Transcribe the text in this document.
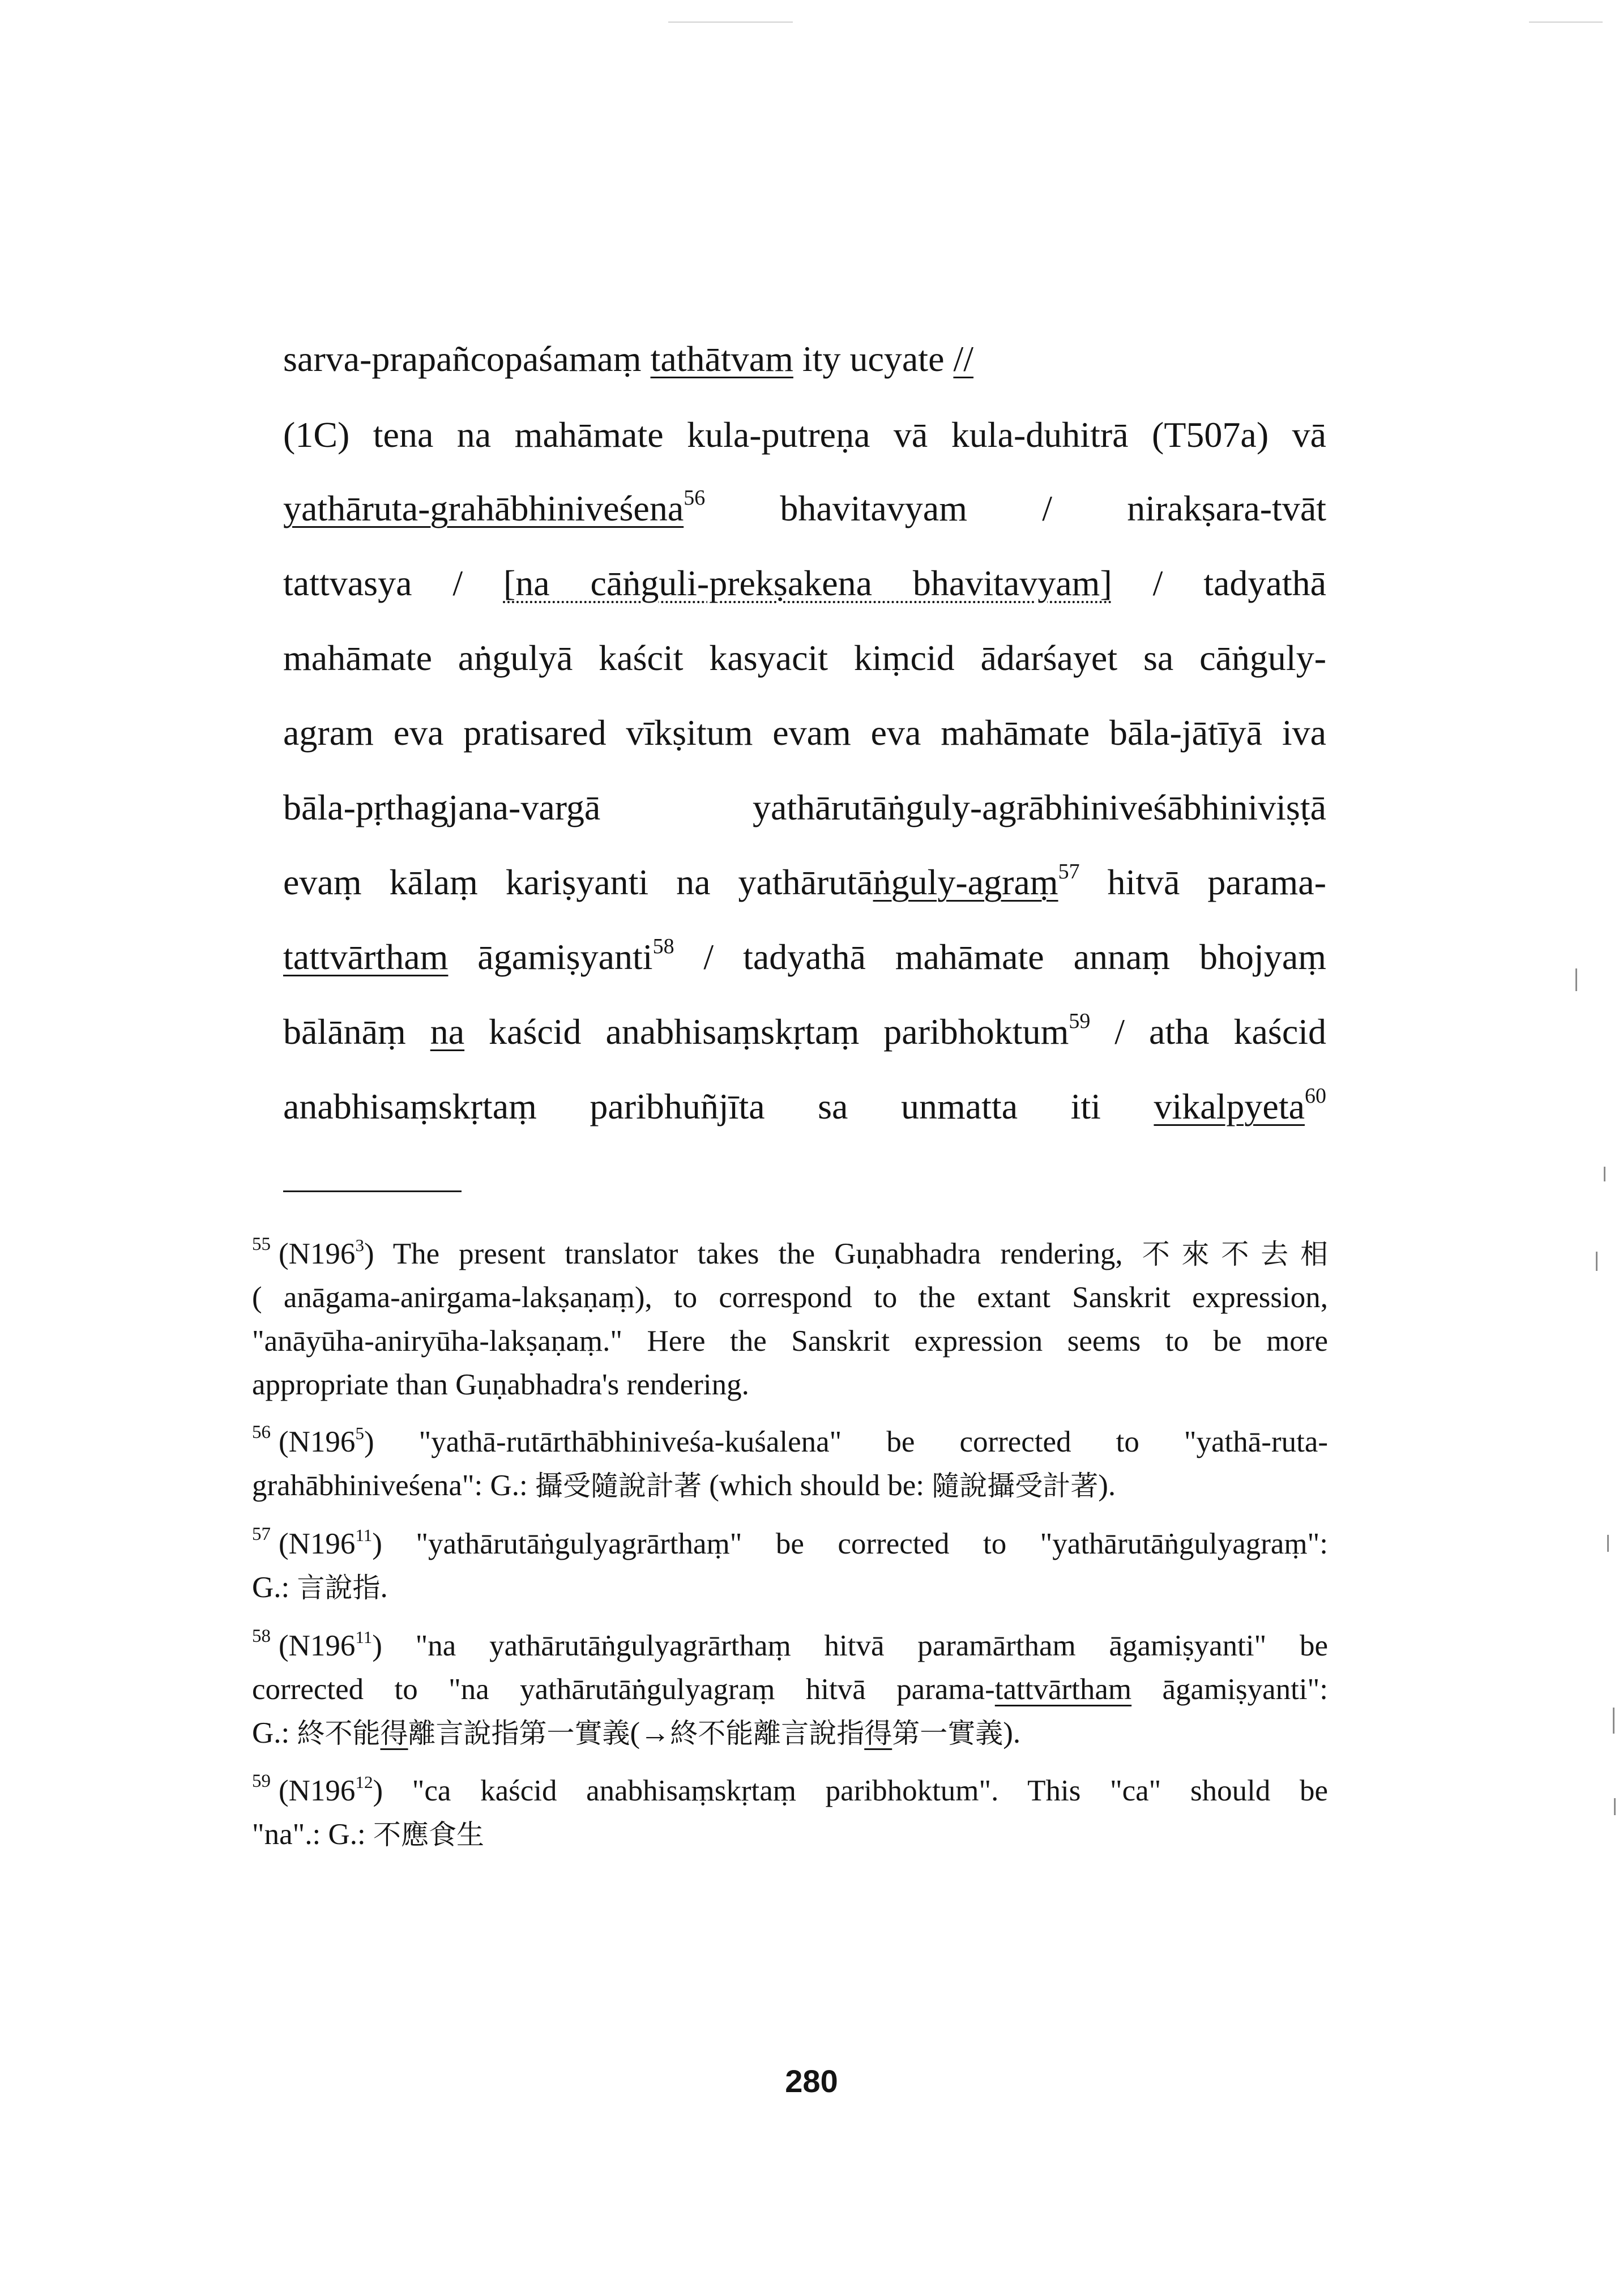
sarva-prapañcopaśamaṃ tathātvam ity ucyate //
(1C) tena na mahāmate kula-putreṇa vā kula-duhitrā (T507a) vā
yathāruta-grahābhiniveśena$^{56}$ bhavitavyam / nirakṣara-tvāt
tattvasya / [na cāṅguli-prekṣakena bhavitavyam] / tadyathā
mahāmate aṅgulyā kaścit kasyacit kiṃcid ādarśayet sa cāṅguly-
agram eva pratisared vīkṣitum evam eva mahāmate bāla-jātīyā iva
bāla-pṛthagjana-vargā yathārutāṅguly-agrābhiniveśābhiniviṣṭā
evaṃ kālaṃ kariṣyanti na yathārutāṅguly-agraṃ$^{57}$ hitvā parama-
tattvārtham āgamiṣyanti$^{58}$ / tadyathā mahāmate annaṃ bhojyaṃ
bālānāṃ na kaścid anabhisaṃskṛtaṃ paribhoktum$^{59}$ / atha kaścid
anabhisaṃskṛtaṃ paribhuñjīta sa unmatta iti vikalpyeta$^{60}$
$^{55}$ $(N196^3)$ The present translator takes the Guṇabhadra rendering, 不來不去相
( anāgama-anirgama-lakṣaṇaṃ), to correspond to the extant Sanskrit expression,
"anāyūha-aniryūha-lakṣaṇaṃ." Here the Sanskrit expression seems to be more
appropriate than Guṇabhadra's rendering.
$^{56}$ $(N196^5)$ "yathā-rutārthābhiniveśa-kuśalena" be corrected to "yathā-ruta-
grahābhiniveśena": G.: 攝受隨說計著 (which should be: 隨說攝受計著).
$^{57}$ $(N196^{11})$ "yathārutāṅgulyagrārthaṃ" be corrected to "yathārutāṅgulyagraṃ":
G.: 言說指.
$^{58}$ $(N196^{11})$ "na yathārutāṅgulyagrārthaṃ hitvā paramārtham āgamiṣyanti" be
corrected to "na yathārutāṅgulyagraṃ hitvā parama-tattvārtham āgamiṣyanti":
G.: 終不能得離言說指第一實義(→終不能離言說指得第一實義).
$^{59}$ $(N196^{12})$ "ca kaścid anabhisaṃskṛtaṃ paribhoktum". This "ca" should be
"na".: G.: 不應食生
280
